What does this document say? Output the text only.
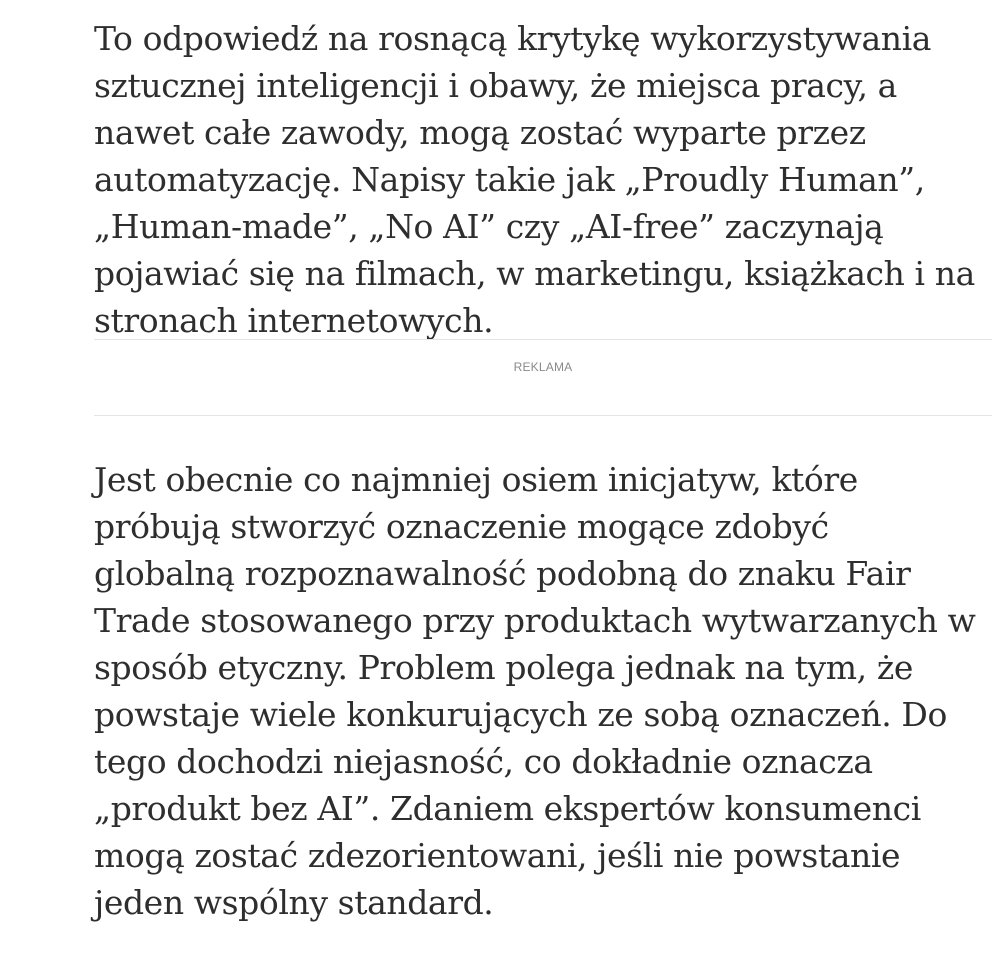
To odpowiedź na rosnącą krytykę wykorzystywania sztucznej inteligencji i obawy, że miejsca pracy, a nawet całe zawody, mogą zostać wyparte przez automatyzację. Napisy takie jak „Proudly Human”, „Human-made”, „No AI” czy „AI-free” zaczynają pojawiać się na filmach, w marketingu, książkach i na stronach internetowych.

REKLAMA

Jest obecnie co najmniej osiem inicjatyw, które próbują stworzyć oznaczenie mogące zdobyć globalną rozpoznawalność podobną do znaku Fair Trade stosowanego przy produktach wytwarzanych w sposób etyczny. Problem polega jednak na tym, że powstaje wiele konkurujących ze sobą oznaczeń. Do tego dochodzi niejasność, co dokładnie oznacza „produkt bez AI”. Zdaniem ekspertów konsumenci mogą zostać zdezorientowani, jeśli nie powstanie jeden wspólny standard.
